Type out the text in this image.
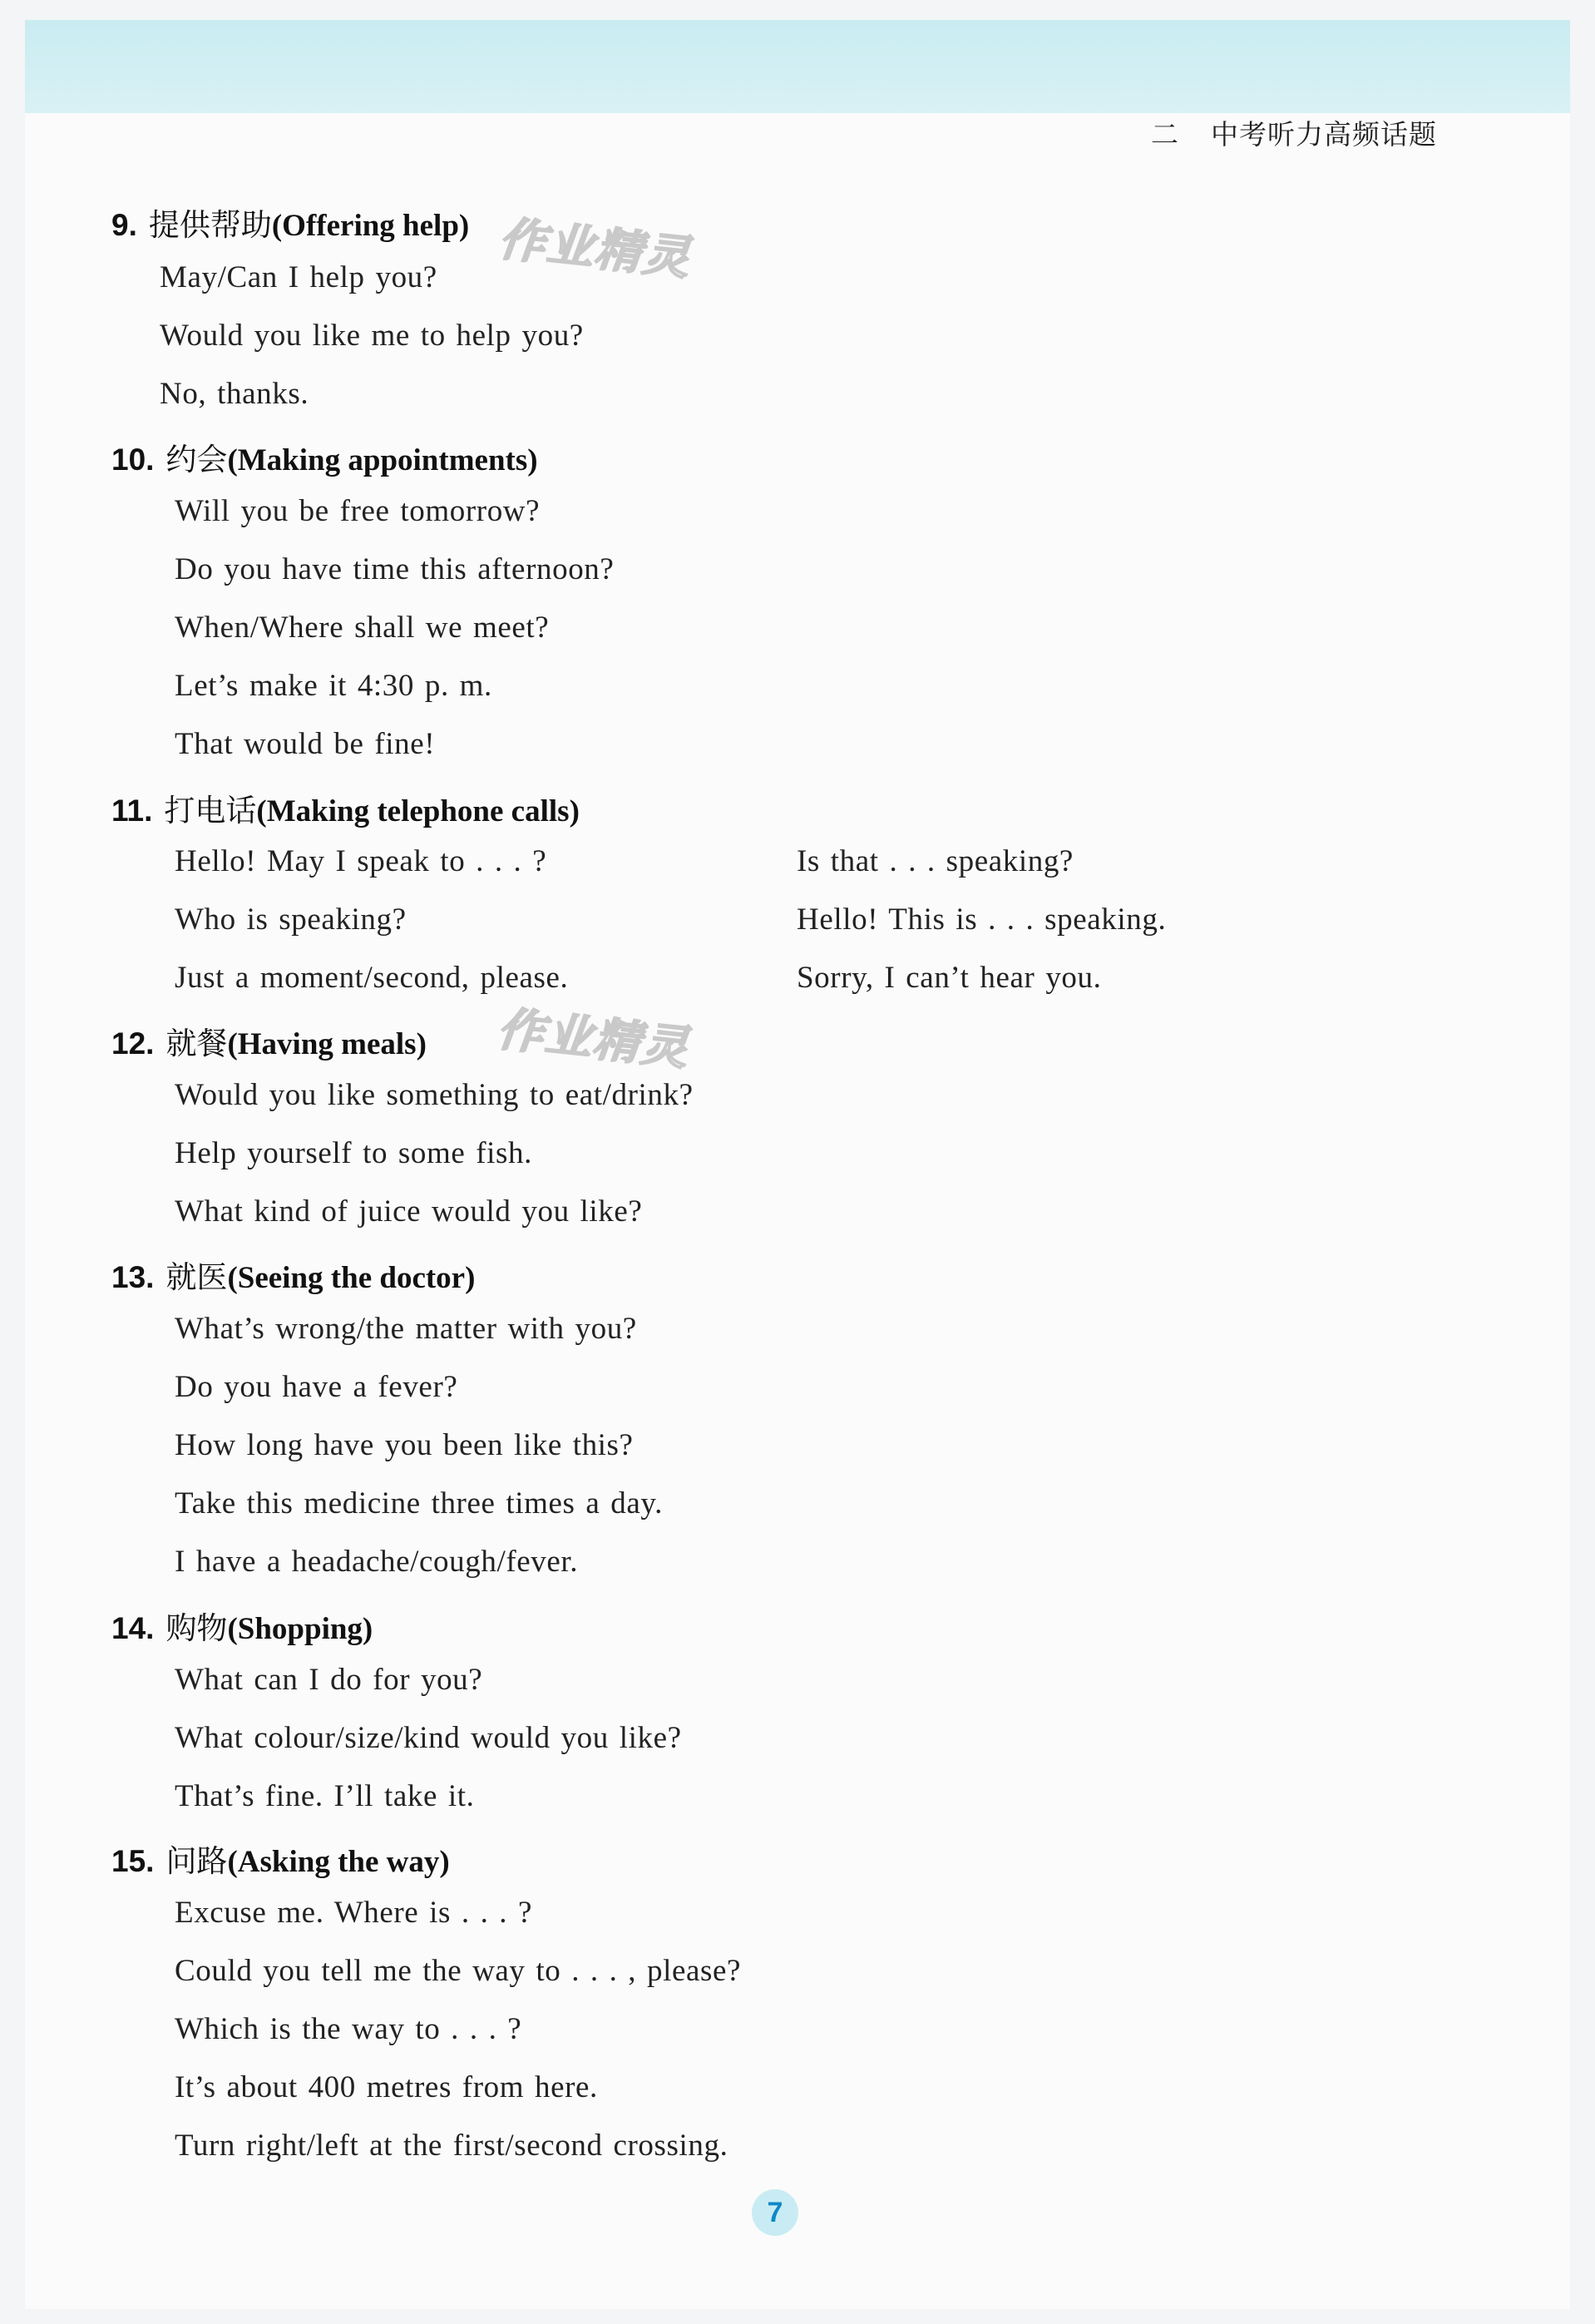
二 中考听力高频话题
作业精灵
作业精灵
9. 提供帮助(Offering help)
May/Can I help you?
Would you like me to help you?
No, thanks.
10. 约会(Making appointments)
Will you be free tomorrow?
Do you have time this afternoon?
When/Where shall we meet?
Let’s make it 4:30 p. m.
That would be fine!
11. 打电话(Making telephone calls)
Hello! May I speak to . . . ?
Who is speaking?
Just a moment/second, please.
Is that . . . speaking?
Hello! This is . . . speaking.
Sorry, I can’t hear you.
12. 就餐(Having meals)
Would you like something to eat/drink?
Help yourself to some fish.
What kind of juice would you like?
13. 就医(Seeing the doctor)
What’s wrong/the matter with you?
Do you have a fever?
How long have you been like this?
Take this medicine three times a day.
I have a headache/cough/fever.
14. 购物(Shopping)
What can I do for you?
What colour/size/kind would you like?
That’s fine. I’ll take it.
15. 问路(Asking the way)
Excuse me. Where is . . . ?
Could you tell me the way to . . . , please?
Which is the way to . . . ?
It’s about 400 metres from here.
Turn right/left at the first/second crossing.
7
